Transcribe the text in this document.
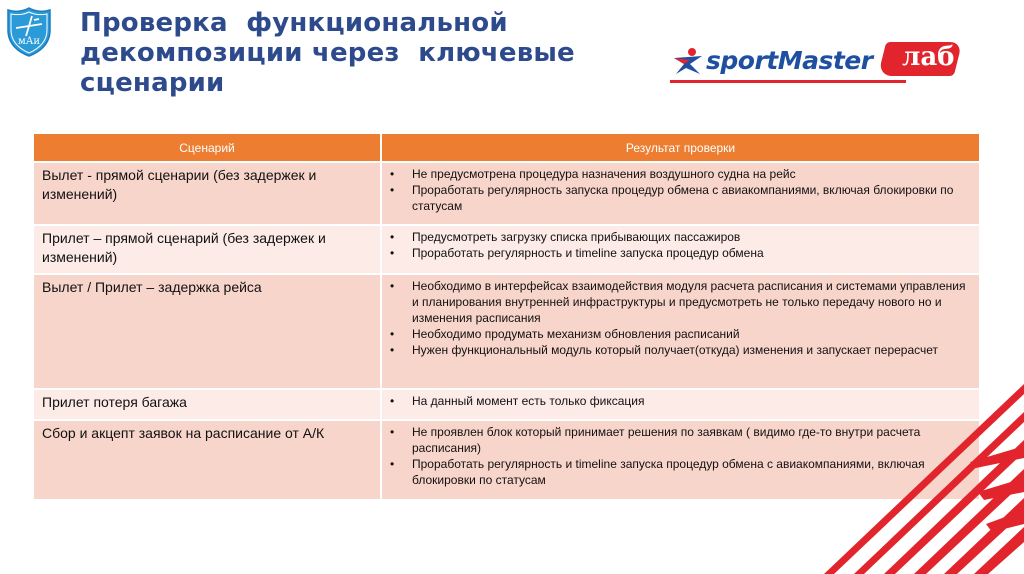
мАи
Проверка  функциональной
декомпозиции через  ключевые
сценарии
sportMaster лаб
Сценарий	Результат проверки
Вылет - прямой сценарии (без задержек и изменений)	
• Не предусмотрена процедура назначения воздушного судна на рейс
• Проработать регулярность запуска процедур обмена с авиакомпаниями, включая блокировки по статусам

Прилет – прямой сценарий (без задержек и изменений)	
• Предусмотреть загрузку списка прибывающих пассажиров
• Проработать регулярность и timeline запуска процедур обмена

Вылет / Прилет – задержка рейса	
•Необходимо в интерфейсах взаимодействия модуля расчета расписания и системами управления и планирования внутренней инфраструктуры и предусмотреть не только передачу нового но и изменения расписания
• Необходимо продумать механизм обновления расписаний
• Нужен функциональный модуль который получает(откуда) изменения и запускает перерасчет

Прилет потеря багажа	
• На данный момент есть только фиксация

Сбор и акцепт заявок на расписание от А/К	
•Не проявлен блок который принимает решения по заявкам ( видимо где-то внутри расчета расписания)
• Проработать регулярность и timeline запуска процедур обмена с авиакомпаниями, включая блокировки по статусам
